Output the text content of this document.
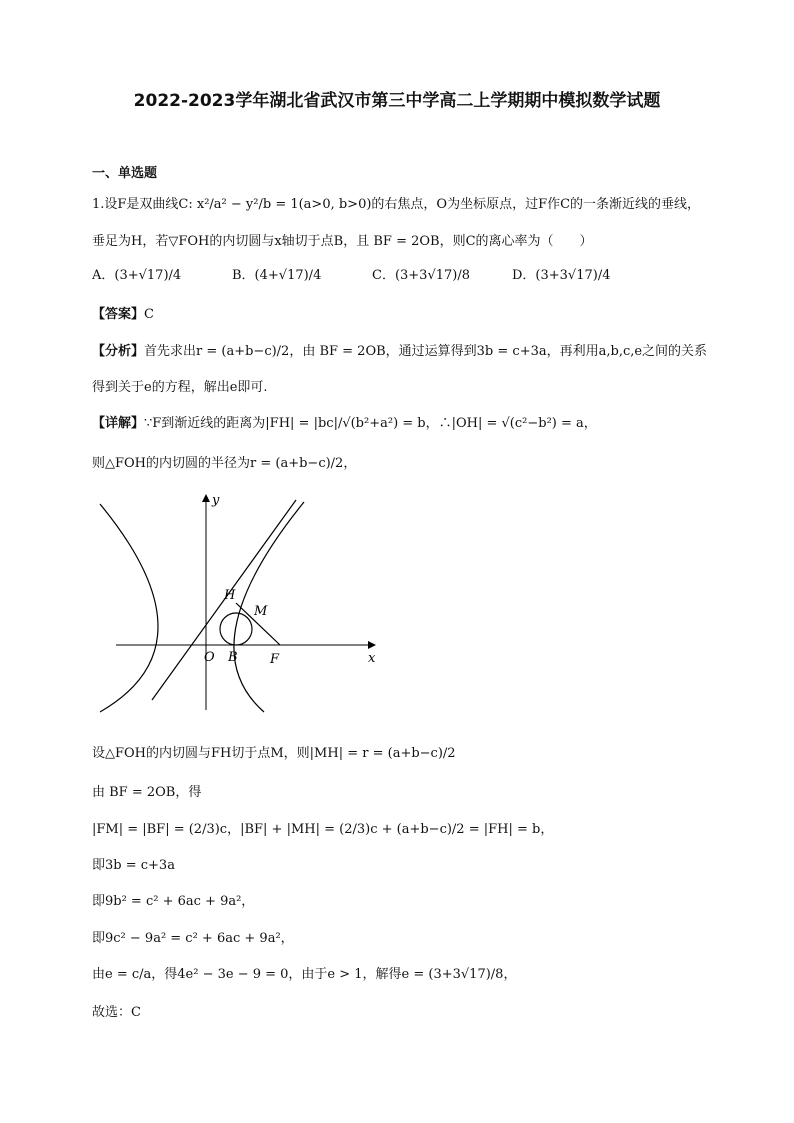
2022-2023学年湖北省武汉市第三中学高二上学期期中模拟数学试题
一、单选题
1.设F是双曲线C: x²/a² − y²/b = 1(a>0, b>0)的右焦点，O为坐标原点，过F作C的一条渐近线的垂线，
垂足为H，若▽FOH的内切圆与x轴切于点B，且 BF = 2OB，则C的离心率为（　　）
A．(3+√17)/4	B．(4+√17)/4	C．(3+3√17)/8	D．(3+3√17)/4
【答案】C
【分析】首先求出r = (a+b−c)/2，由 BF = 2OB，通过运算得到3b = c+3a，再利用a,b,c,e之间的关系
得到关于e的方程，解出e即可.
【详解】∵F到渐近线的距离为|FH| = |bc|/√(b²+a²) = b，∴|OH| = √(c²−b²) = a，
则△FOH的内切圆的半径为r = (a+b−c)/2，
y
x
O B F
H
M
设△FOH的内切圆与FH切于点M，则|MH| = r = (a+b−c)/2
由 BF = 2OB，得
|FM| = |BF| = (2/3)c，|BF| + |MH| = (2/3)c + (a+b−c)/2 = |FH| = b，
即3b = c+3a
即9b² = c² + 6ac + 9a²，
即9c² − 9a² = c² + 6ac + 9a²，
由e = c/a，得4e² − 3e − 9 = 0，由于e > 1，解得e = (3+3√17)/8，
故选：C
